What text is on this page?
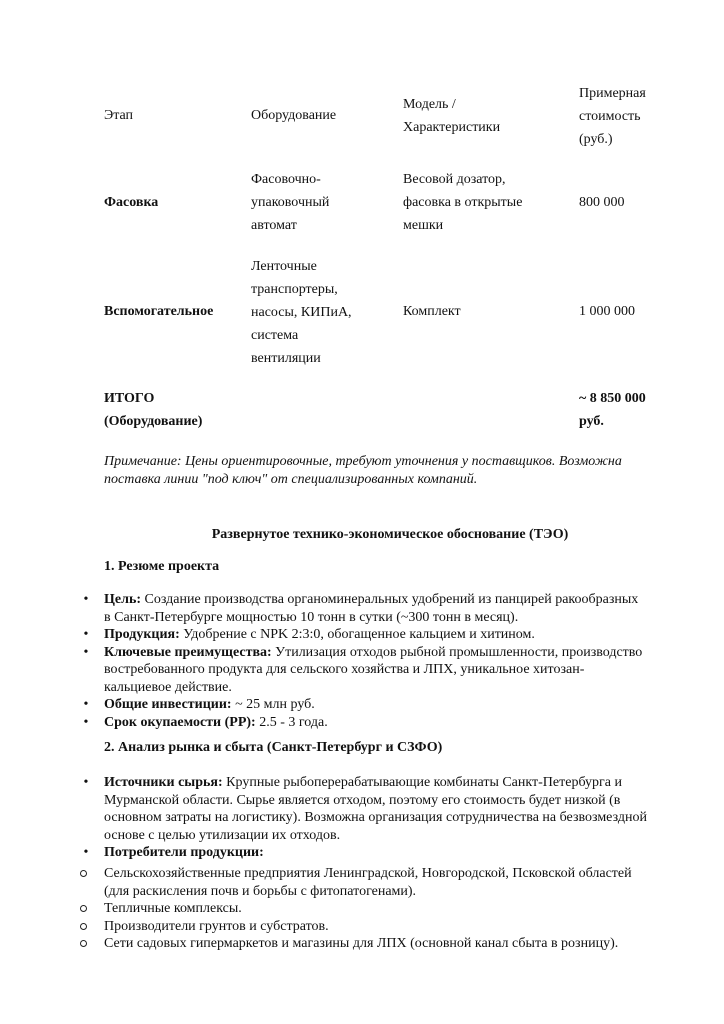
Этап	Оборудование
Модель /
Характеристики
Примерная
стоимость
(руб.)
Фасовка
Фасовочно-
упаковочный
автомат
Весовой дозатор,
фасовка в открытые
мешки
800 000
Вспомогательное
Ленточные
транспортеры,
насосы, КИПиА,
система
вентиляции
Комплект	1 000 000
ИТОГО
(Оборудование)
~ 8 850 000
руб.
Примечание: Цены ориентировочные, требуют уточнения у поставщиков. Возможна
поставка линии "под ключ" от специализированных компаний.
Развернутое технико-экономическое обоснование (ТЭО)
1. Резюме проекта
• Цель: Создание производства органоминеральных удобрений из панцирей ракообразных
в Санкт-Петербурге мощностью 10 тонн в сутки (~300 тонн в месяц).
• Продукция: Удобрение с NPK 2:3:0, обогащенное кальцием и хитином.
• Ключевые преимущества: Утилизация отходов рыбной промышленности, производство
востребованного продукта для сельского хозяйства и ЛПХ, уникальное хитозан-
кальциевое действие.
• Общие инвестиции: ~ 25 млн руб.
• Срок окупаемости (PP): 2.5 - 3 года.
2. Анализ рынка и сбыта (Санкт-Петербург и СЗФО)
• Источники сырья: Крупные рыбоперерабатывающие комбинаты Санкт-Петербурга и
Мурманской области. Сырье является отходом, поэтому его стоимость будет низкой (в
основном затраты на логистику). Возможна организация сотрудничества на безвозмездной
основе с целью утилизации их отходов.
• Потребители продукции:
Сельскохозяйственные предприятия Ленинградской, Новгородской, Псковской областей
(для раскисления почв и борьбы с фитопатогенами).
Тепличные комплексы.
Производители грунтов и субстратов.
Сети садовых гипермаркетов и магазины для ЛПХ (основной канал сбыта в розницу).
